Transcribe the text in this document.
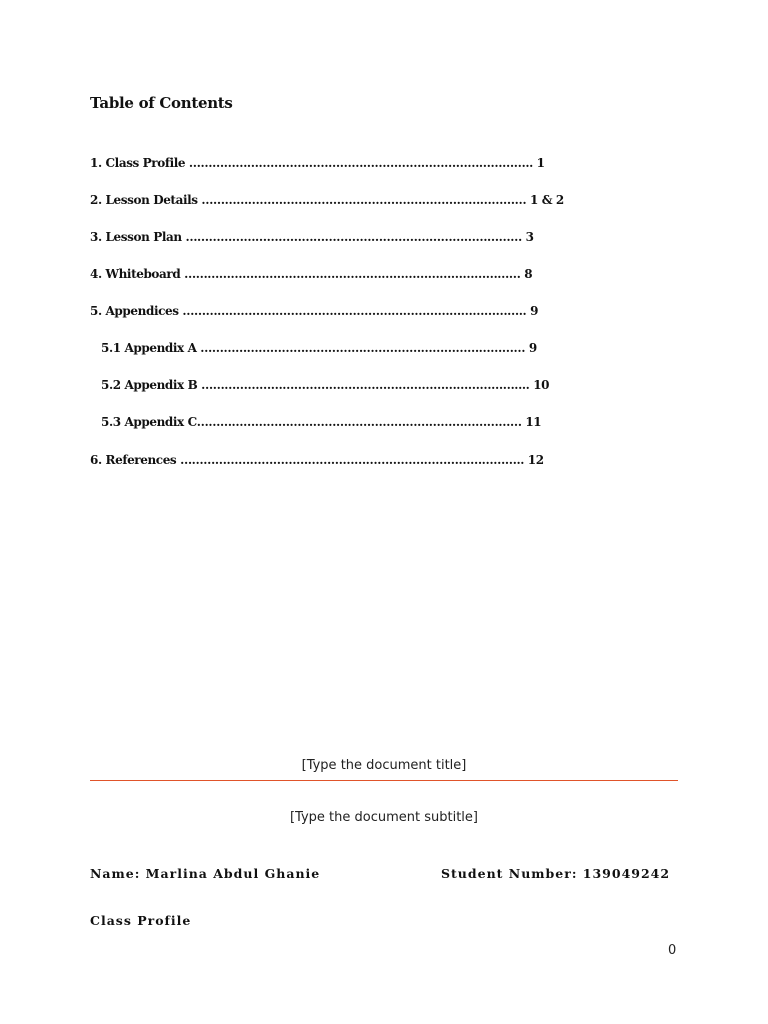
Table of Contents
1. Class Profile …………………………………………………………………………….. 1
2. Lesson Details ………………………………………………………………………… 1 & 2
3. Lesson Plan …………………………………………………………………………… 3
4. Whiteboard …………………………………………………………………………… 8
5. Appendices …………………………………………………………………………….. 9
5.1 Appendix A ………………………………………………………………………… 9
5.2 Appendix B ……………………………………………………………………….... 10
5.3 Appendix C………………………………………………………………………… 11
6. References …………………………………………………………………………….. 12
[Type the document title]
[Type the document subtitle]
Name: Marlina Abdul Ghanie	Student Number: 139049242
Class Profile
0
